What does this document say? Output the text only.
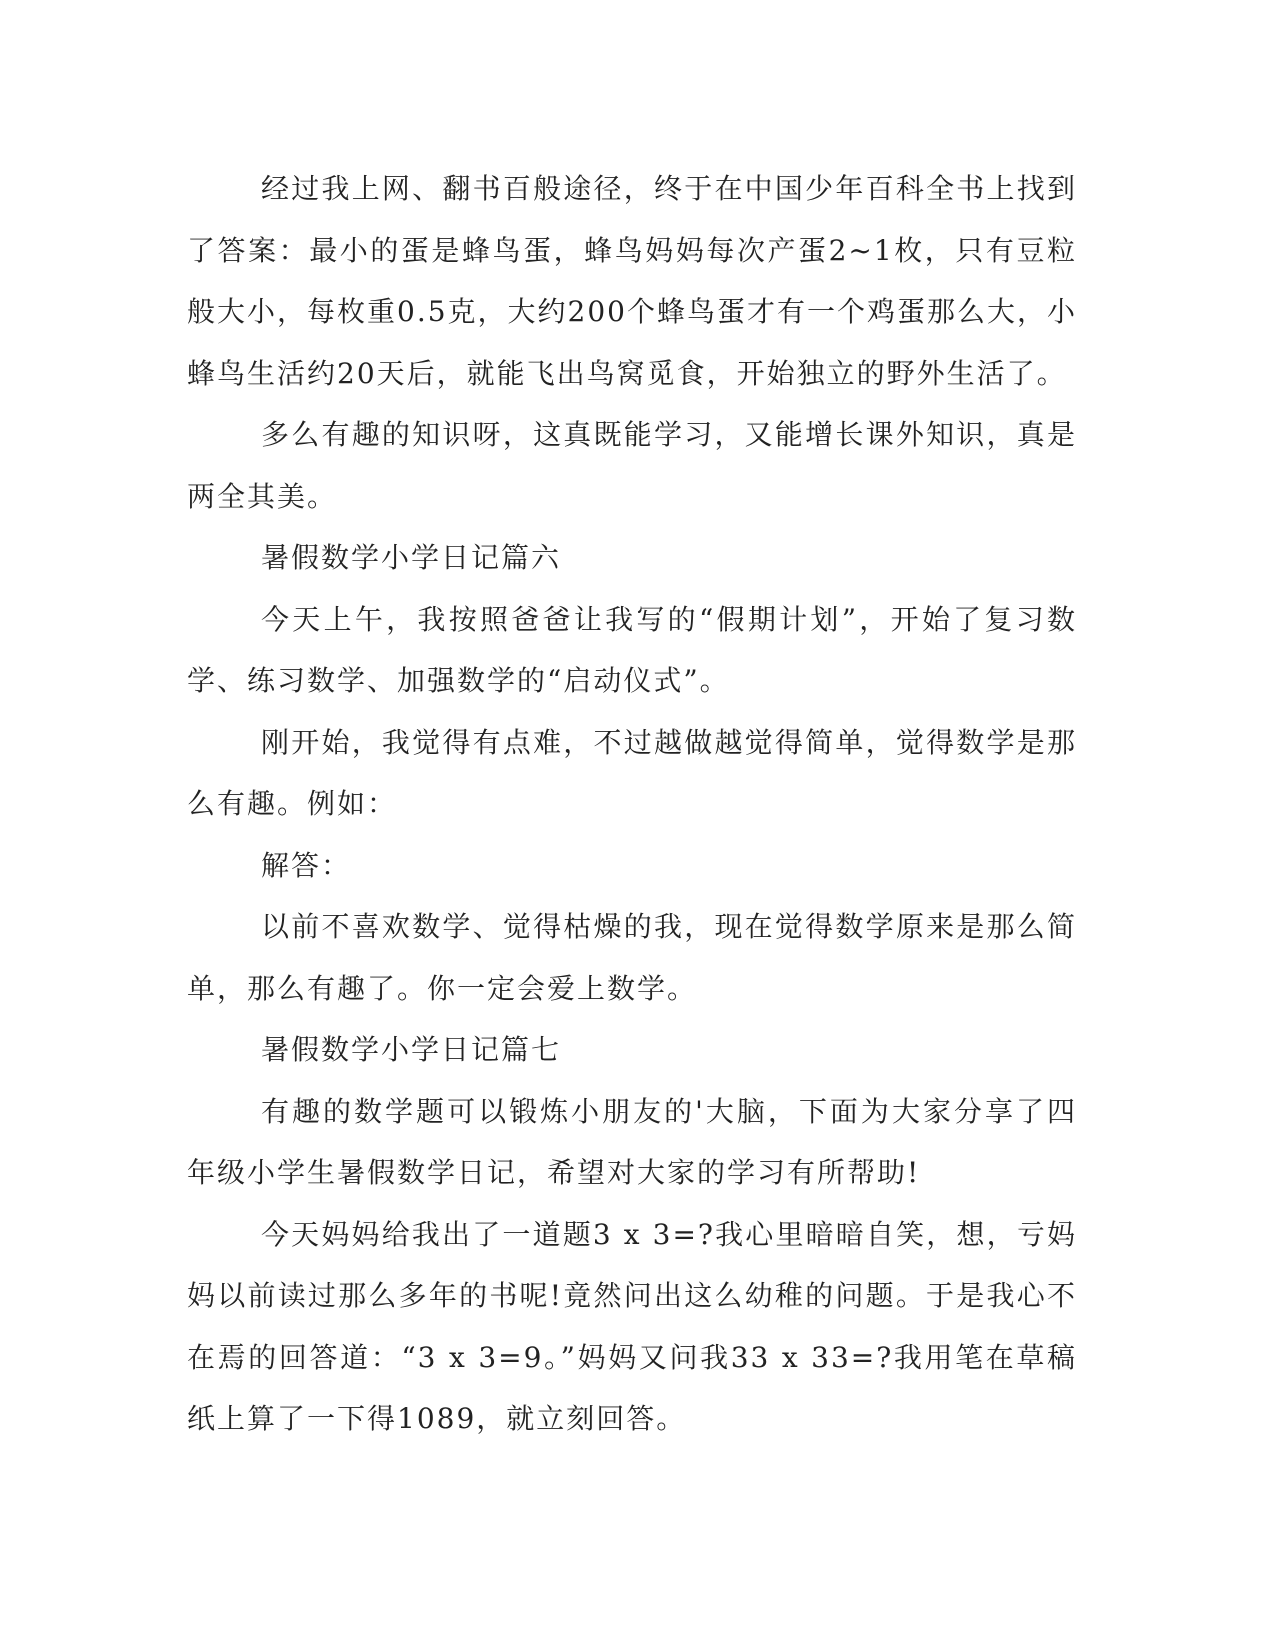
经过我上网、翻书百般途径，终于在中国少年百科全书上找到了答案：最小的蛋是蜂鸟蛋，蜂鸟妈妈每次产蛋2~1枚，只有豆粒般大小，每枚重0.5克，大约200个蜂鸟蛋才有一个鸡蛋那么大，小蜂鸟生活约20天后，就能飞出鸟窝觅食，开始独立的野外生活了。

多么有趣的知识呀，这真既能学习，又能增长课外知识，真是两全其美。

暑假数学小学日记篇六

今天上午，我按照爸爸让我写的“假期计划”，开始了复习数学、练习数学、加强数学的“启动仪式”。

刚开始，我觉得有点难，不过越做越觉得简单，觉得数学是那么有趣。例如：

解答：

以前不喜欢数学、觉得枯燥的我，现在觉得数学原来是那么简单，那么有趣了。你一定会爱上数学。

暑假数学小学日记篇七

有趣的数学题可以锻炼小朋友的'大脑，下面为大家分享了四年级小学生暑假数学日记，希望对大家的学习有所帮助!

今天妈妈给我出了一道题3 x 3=?我心里暗暗自笑，想，亏妈妈以前读过那么多年的书呢!竟然问出这么幼稚的问题。于是我心不在焉的回答道：“3 x 3=9。”妈妈又问我33 x 33=?我用笔在草稿纸上算了一下得1089，就立刻回答。
